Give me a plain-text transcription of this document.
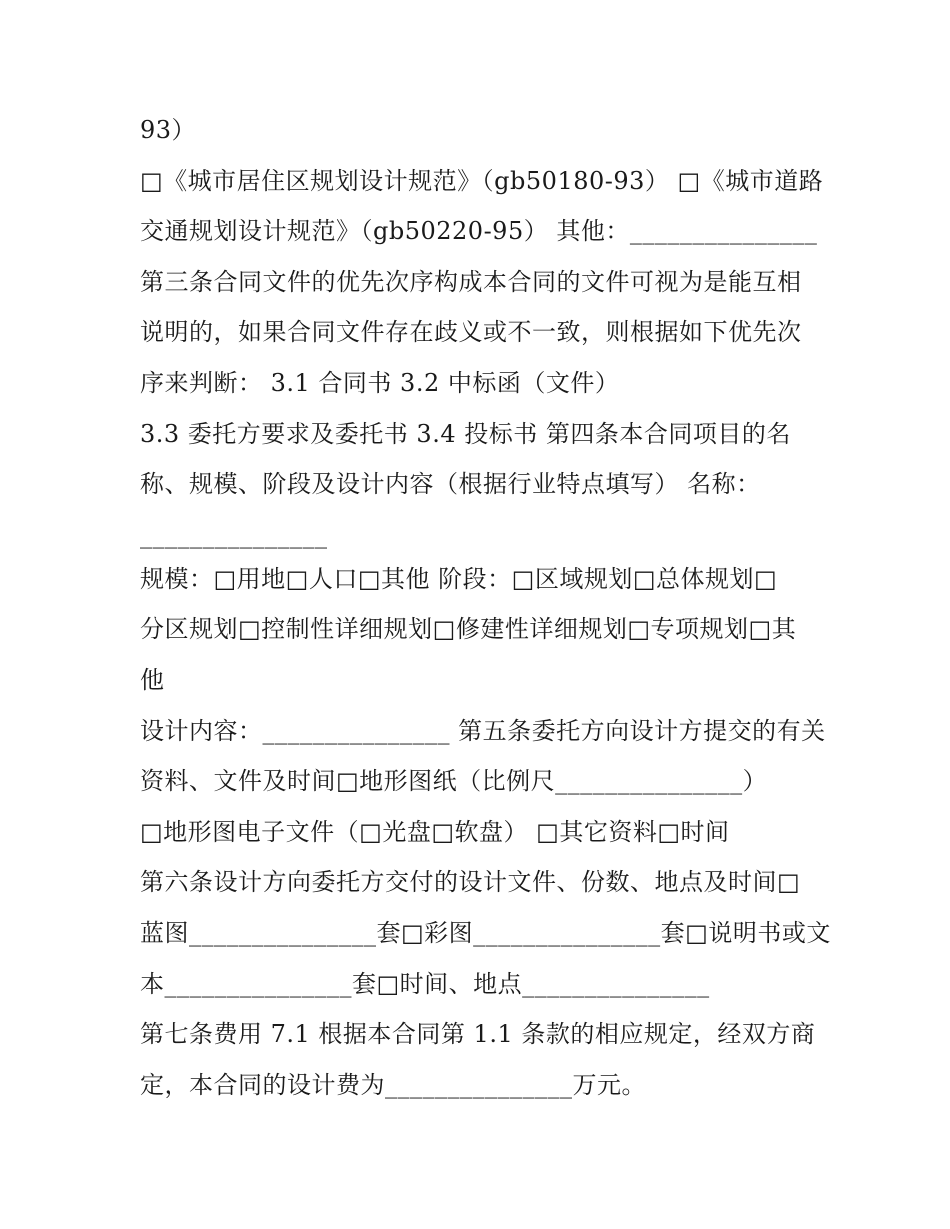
93）
□《城市居住区规划设计规范》（gb50180-93） □《城市道路
交通规划设计规范》（gb50220-95） 其他：_______________
第三条合同文件的优先次序构成本合同的文件可视为是能互相
说明的，如果合同文件存在歧义或不一致，则根据如下优先次
序来判断： 3.1 合同书 3.2 中标函（文件）
3.3 委托方要求及委托书 3.4 投标书 第四条本合同项目的名
称、规模、阶段及设计内容（根据行业特点填写） 名称：
_______________
规模：□用地□人口□其他 阶段：□区域规划□总体规划□
分区规划□控制性详细规划□修建性详细规划□专项规划□其
他
设计内容：_______________ 第五条委托方向设计方提交的有关
资料、文件及时间□地形图纸（比例尺_______________）
□地形图电子文件（□光盘□软盘） □其它资料□时间
第六条设计方向委托方交付的设计文件、份数、地点及时间□
蓝图_______________套□彩图_______________套□说明书或文
本_______________套□时间、地点_______________
第七条费用 7.1 根据本合同第 1.1 条款的相应规定，经双方商
定，本合同的设计费为_______________万元。
